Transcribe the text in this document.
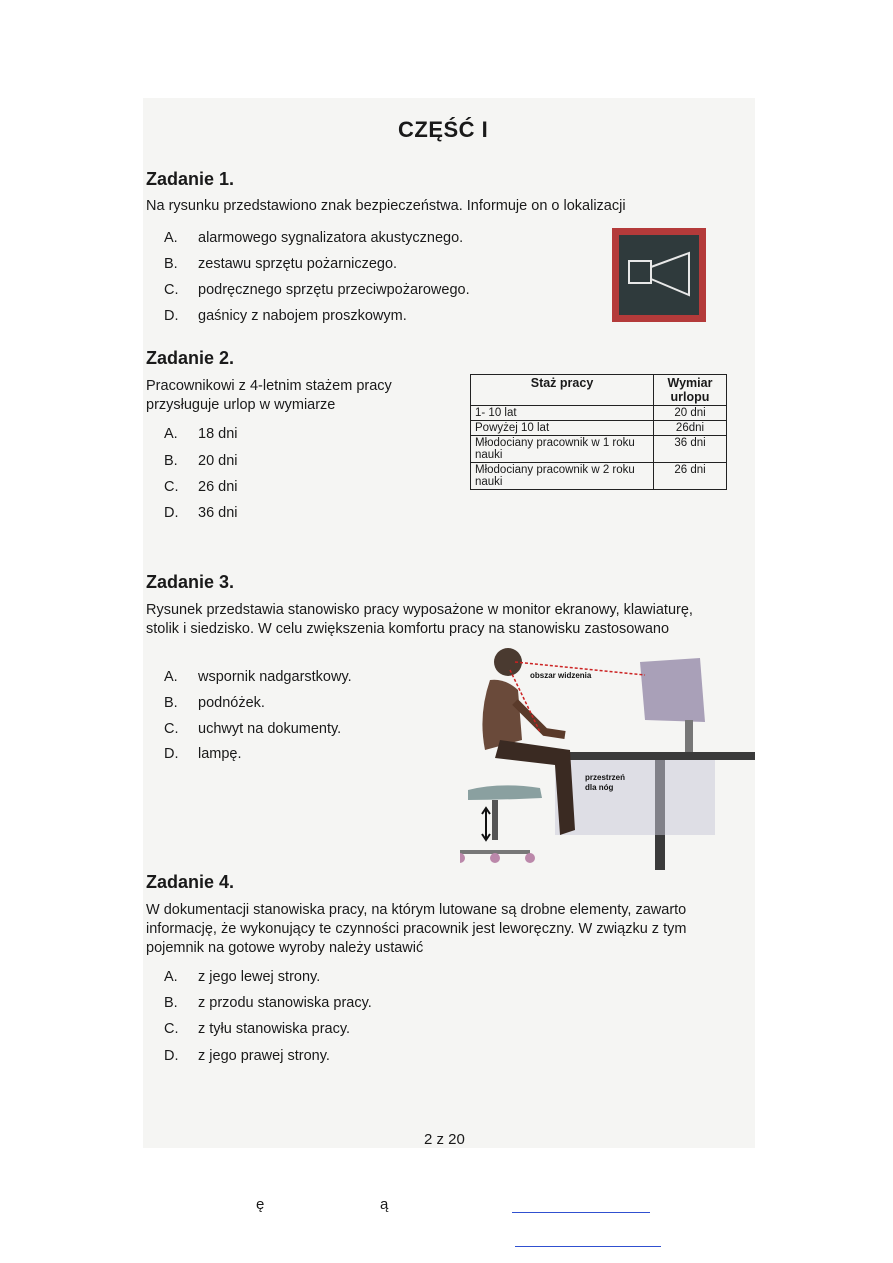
CZĘŚĆ I
Zadanie 1.
Na rysunku przedstawiono znak bezpieczeństwa. Informuje on o lokalizacji
A. alarmowego sygnalizatora akustycznego.
B. zestawu sprzętu pożarniczego.
C. podręcznego sprzętu przeciwpożarowego.
D. gaśnicy z nabojem proszkowym.
Zadanie 2.
Pracownikowi z 4-letnim stażem pracy
przysługuje urlop w wymiarze
A. 18 dni
B. 20 dni
C. 26 dni
D. 36 dni
Staż pracy	Wymiar urlopu
1- 10 lat	20 dni
Powyżej 10 lat	26dni
Młodociany pracownik w 1 roku nauki	36 dni
Młodociany pracownik w 2 roku nauki	26 dni
Zadanie 3.
Rysunek przedstawia stanowisko pracy wyposażone w monitor ekranowy, klawiaturę,
stolik i siedzisko. W celu zwiększenia komfortu pracy na stanowisku zastosowano
A. wspornik nadgarstkowy.
B. podnóżek.
C. uchwyt na dokumenty.
D. lampę.
obszar widzenia
przestrzeń
dla nóg
Zadanie 4.
W dokumentacji stanowiska pracy, na którym lutowane są drobne elementy, zawarto
informację, że wykonujący te czynności pracownik jest leworęczny. W związku z tym
pojemnik na gotowe wyroby należy ustawić
A. z jego lewej strony.
B. z przodu stanowiska pracy.
C. z tyłu stanowiska pracy.
D. z jego prawej strony.
2 z 20
ę	ą
